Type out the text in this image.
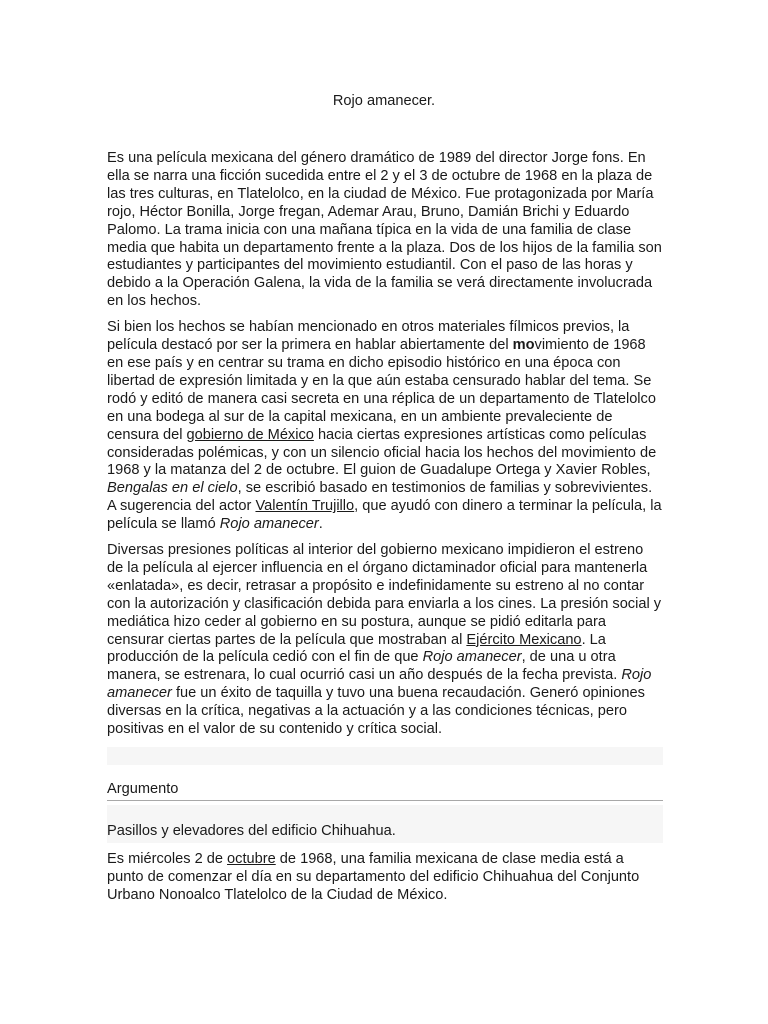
Rojo amanecer.

Es una película mexicana del género dramático de 1989 del director Jorge fons. En ella se narra una ficción sucedida entre el 2 y el 3 de octubre de 1968 en la plaza de las tres culturas, en Tlatelolco, en la ciudad de México. Fue protagonizada por María rojo, Héctor Bonilla, Jorge fregan, Ademar Arau, Bruno, Damián Brichi y Eduardo Palomo. La trama inicia con una mañana típica en la vida de una familia de clase media que habita un departamento frente a la plaza. Dos de los hijos de la familia son estudiantes y participantes del movimiento estudiantil. Con el paso de las horas y debido a la Operación Galena, la vida de la familia se verá directamente involucrada en los hechos.

Si bien los hechos se habían mencionado en otros materiales fílmicos previos, la película destacó por ser la primera en hablar abiertamente del movimiento de 1968 en ese país y en centrar su trama en dicho episodio histórico en una época con libertad de expresión limitada y en la que aún estaba censurado hablar del tema. Se rodó y editó de manera casi secreta en una réplica de un departamento de Tlatelolco en una bodega al sur de la capital mexicana, en un ambiente prevaleciente de censura del gobierno de México hacia ciertas expresiones artísticas como películas consideradas polémicas, y con un silencio oficial hacia los hechos del movimiento de 1968 y la matanza del 2 de octubre. El guion de Guadalupe Ortega y Xavier Robles, Bengalas en el cielo, se escribió basado en testimonios de familias y sobrevivientes. A sugerencia del actor Valentín Trujillo, que ayudó con dinero a terminar la película, la película se llamó Rojo amanecer.

Diversas presiones políticas al interior del gobierno mexicano impidieron el estreno de la película al ejercer influencia en el órgano dictaminador oficial para mantenerla «enlatada», es decir, retrasar a propósito e indefinidamente su estreno al no contar con la autorización y clasificación debida para enviarla a los cines. La presión social y mediática hizo ceder al gobierno en su postura, aunque se pidió editarla para censurar ciertas partes de la película que mostraban al Ejército Mexicano. La producción de la película cedió con el fin de que Rojo amanecer, de una u otra manera, se estrenara, lo cual ocurrió casi un año después de la fecha prevista. Rojo amanecer fue un éxito de taquilla y tuvo una buena recaudación. Generó opiniones diversas en la crítica, negativas a la actuación y a las condiciones técnicas, pero positivas en el valor de su contenido y crítica social.

Argumento
Pasillos y elevadores del edificio Chihuahua.

Es miércoles 2 de octubre de 1968, una familia mexicana de clase media está a punto de comenzar el día en su departamento del edificio Chihuahua del Conjunto Urbano Nonoalco Tlatelolco de la Ciudad de México.
